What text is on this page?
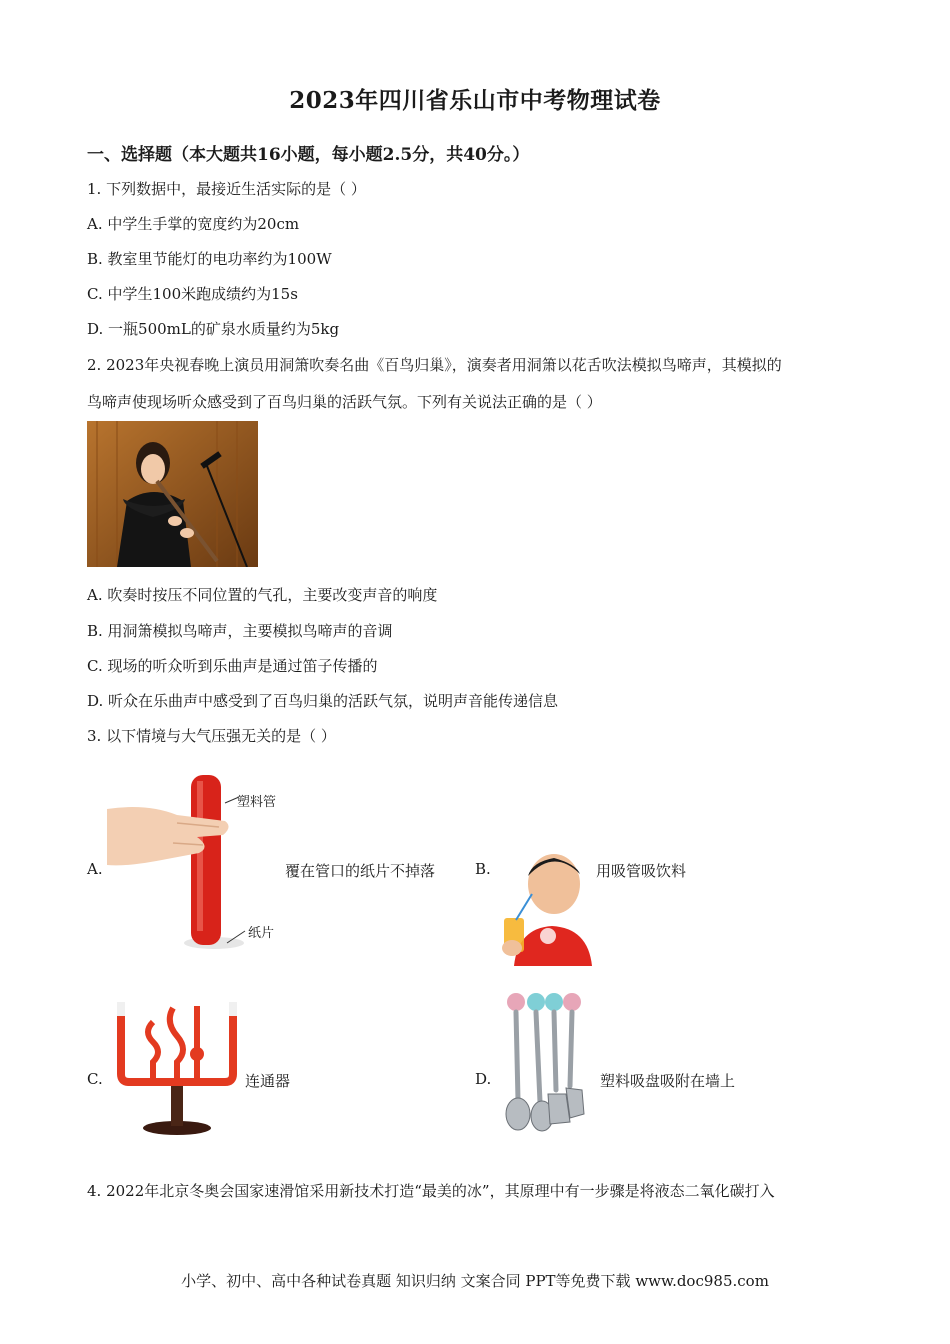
2023年四川省乐山市中考物理试卷
一、选择题（本大题共16小题，每小题2.5分，共40分。）
1. 下列数据中，最接近生活实际的是（ ）
A. 中学生手掌的宽度约为20cm
B. 教室里节能灯的电功率约为100W
C. 中学生100米跑成绩约为15s
D. 一瓶500mL的矿泉水质量约为5kg
2. 2023年央视春晚上演员用洞箫吹奏名曲《百鸟归巢》，演奏者用洞箫以花舌吹法模拟鸟啼声，其模拟的
鸟啼声使现场听众感受到了百鸟归巢的活跃气氛。下列有关说法正确的是（ ）
A. 吹奏时按压不同位置的气孔，主要改变声音的响度
B. 用洞箫模拟鸟啼声，主要模拟鸟啼声的音调
C. 现场的听众听到乐曲声是通过笛子传播的
D. 听众在乐曲声中感受到了百鸟归巢的活跃气氛，说明声音能传递信息
3. 以下情境与大气压强无关的是（ ）
A.
塑料管
纸片
覆在管口的纸片不掉落	B.	用吸管吸饮料
C.	连通器	D.	塑料吸盘吸附在墙上
4. 2022年北京冬奥会国家速滑馆采用新技术打造“最美的冰”，其原理中有一步骤是将液态二氧化碳打入
小学、初中、高中各种试卷真题 知识归纳 文案合同 PPT等免费下载 www.doc985.com
